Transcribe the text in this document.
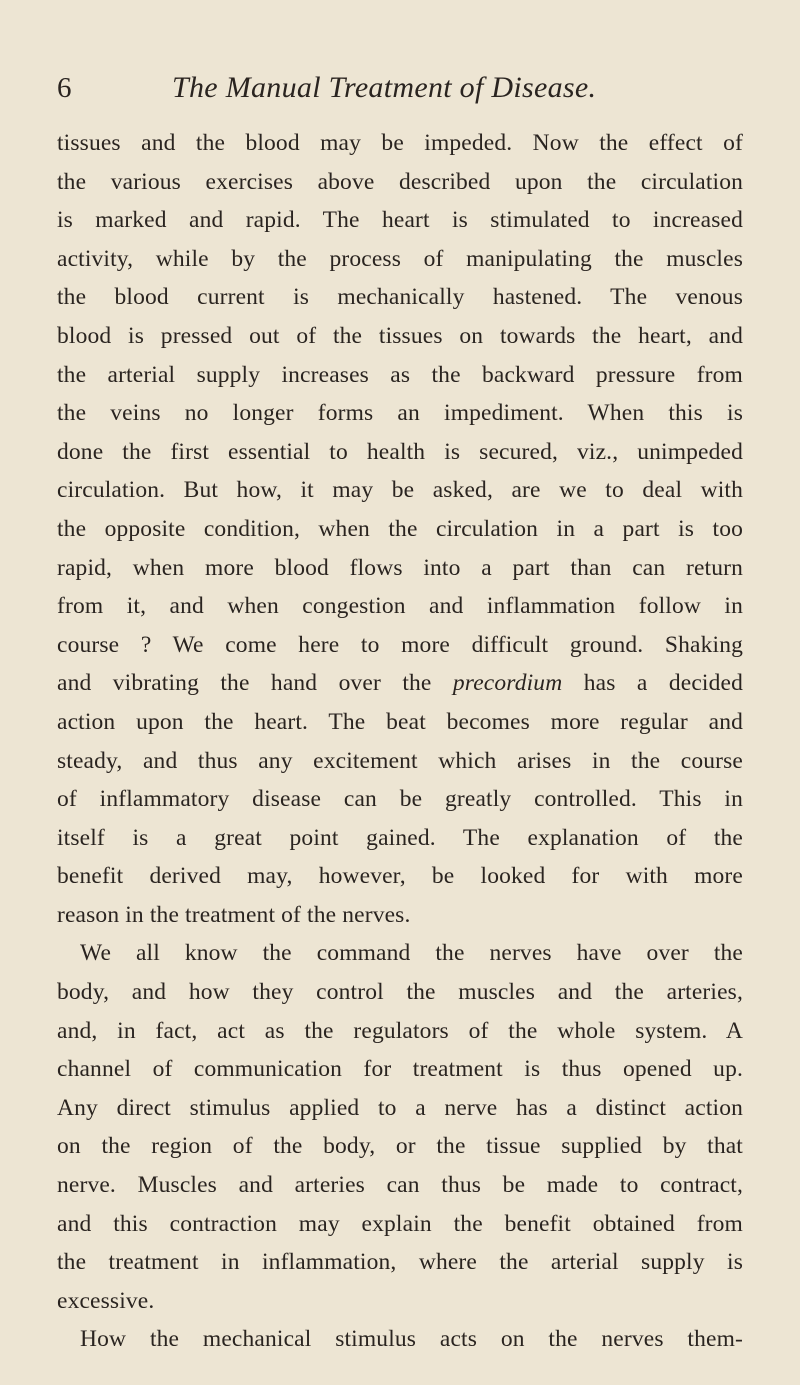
6	The Manual Treatment of Disease.
tissues and the blood may be impeded. Now the effect of
the various exercises above described upon the circulation
is marked and rapid. The heart is stimulated to increased
activity, while by the process of manipulating the muscles
the blood current is mechanically hastened. The venous
blood is pressed out of the tissues on towards the heart, and
the arterial supply increases as the backward pressure from
the veins no longer forms an impediment. When this is
done the first essential to health is secured, viz., unimpeded
circulation. But how, it may be asked, are we to deal with
the opposite condition, when the circulation in a part is too
rapid, when more blood flows into a part than can return
from it, and when congestion and inflammation follow in
course ? We come here to more difficult ground. Shaking
and vibrating the hand over the precordium has a decided
action upon the heart. The beat becomes more regular and
steady, and thus any excitement which arises in the course
of inflammatory disease can be greatly controlled. This in
itself is a great point gained. The explanation of the
benefit derived may, however, be looked for with more
reason in the treatment of the nerves.
We all know the command the nerves have over the
body, and how they control the muscles and the arteries,
and, in fact, act as the regulators of the whole system. A
channel of communication for treatment is thus opened up.
Any direct stimulus applied to a nerve has a distinct action
on the region of the body, or the tissue supplied by that
nerve. Muscles and arteries can thus be made to contract,
and this contraction may explain the benefit obtained from
the treatment in inflammation, where the arterial supply is
excessive.
How the mechanical stimulus acts on the nerves them-
